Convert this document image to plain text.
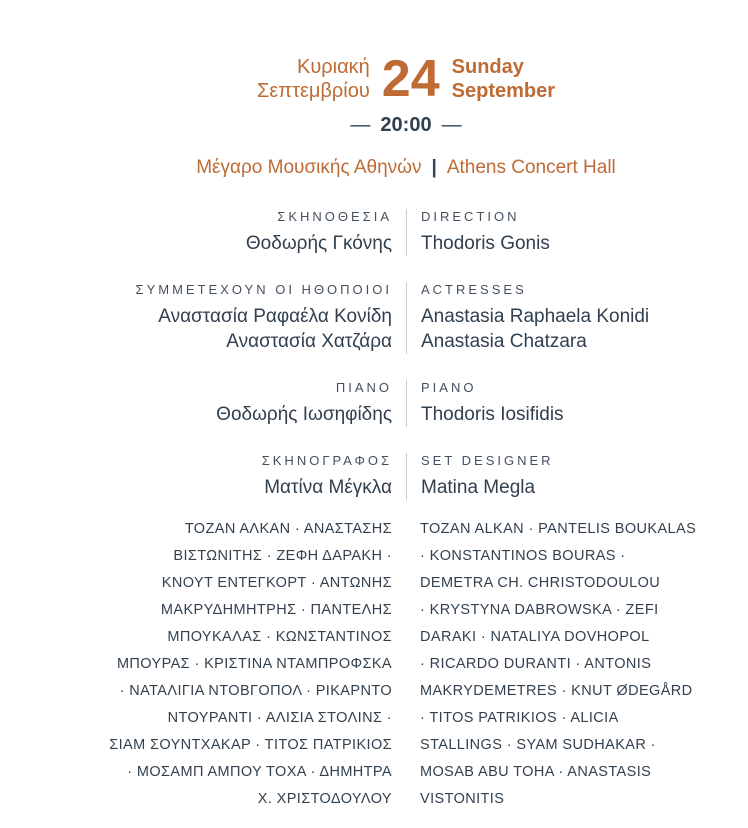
Κυριακή
Σεπτεμβρίου 24 Sunday
September
— 20:00 —
Μέγαρο Μουσικής Αθηνών | Athens Concert Hall
ΣΚΗΝΟΘΕΣΙΑ
Θοδωρής Γκόνης
DIRECTION
Thodoris Gonis
ΣΥΜΜΕΤΕΧΟΥΝ ΟΙ ΗΘΟΠΟΙΟΙ
Αναστασία Ραφαέλα Κονίδη
Αναστασία Χατζάρα
ACTRESSES
Anastasia Raphaela Konidi
Anastasia Chatzara
ΠΙΑΝΟ
Θοδωρής Ιωσηφίδης
PIANO
Thodoris Iosifidis
ΣΚΗΝΟΓΡΑΦΟΣ
Ματίνα Μέγκλα
SET DESIGNER
Matina Megla
ΤΟΖΑΝ ΑΛΚΑΝ · ΑΝΑΣΤΑΣΗΣ
ΒΙΣΤΩΝΙΤΗΣ · ΖΕΦΗ ΔΑΡΑΚΗ ·
ΚΝΟΥΤ ΕΝΤΕΓΚΟΡΤ · ΑΝΤΩΝΗΣ
ΜΑΚΡΥΔΗΜΗΤΡΗΣ · ΠΑΝΤΕΛΗΣ
ΜΠΟΥΚΑΛΑΣ · ΚΩΝΣΤΑΝΤΙΝΟΣ
ΜΠΟΥΡΑΣ · ΚΡΙΣΤΙΝΑ ΝΤΑΜΠΡΟΦΣΚΑ
· ΝΑΤΑΛΙΓΙΑ ΝΤΟΒΓΟΠΟΛ · ΡΙΚΑΡΝΤΟ
ΝΤΟΥΡΑΝΤΙ · ΑΛΙΣΙΑ ΣΤΟΛΙΝΣ ·
ΣΙΑΜ ΣΟΥΝΤΧΑΚΑΡ · ΤΙΤΟΣ ΠΑΤΡΙΚΙΟΣ
· ΜΟΣΑΜΠ ΑΜΠΟΥ ΤΟΧΑ · ΔΗΜΗΤΡΑ
Χ. ΧΡΙΣΤΟΔΟΥΛΟΥ
TOZAN ALKAN · PANTELIS BOUKALAS
· KONSTANTINOS BOURAS ·
DEMETRA CH. CHRISTODOULOU
· KRYSTYNA DABROWSKA · ZEFI
DARAKI · NATALIYA DOVHOPOL
· RICARDO DURANTI · ANTONIS
MAKRYDEMETRES · KNUT ØDEGÅRD
· TITOS PATRIKIOS · ALICIA
STALLINGS · SYAM SUDHAKAR ·
MOSAB ABU TOHA · ANASTASIS
VISTONITIS
